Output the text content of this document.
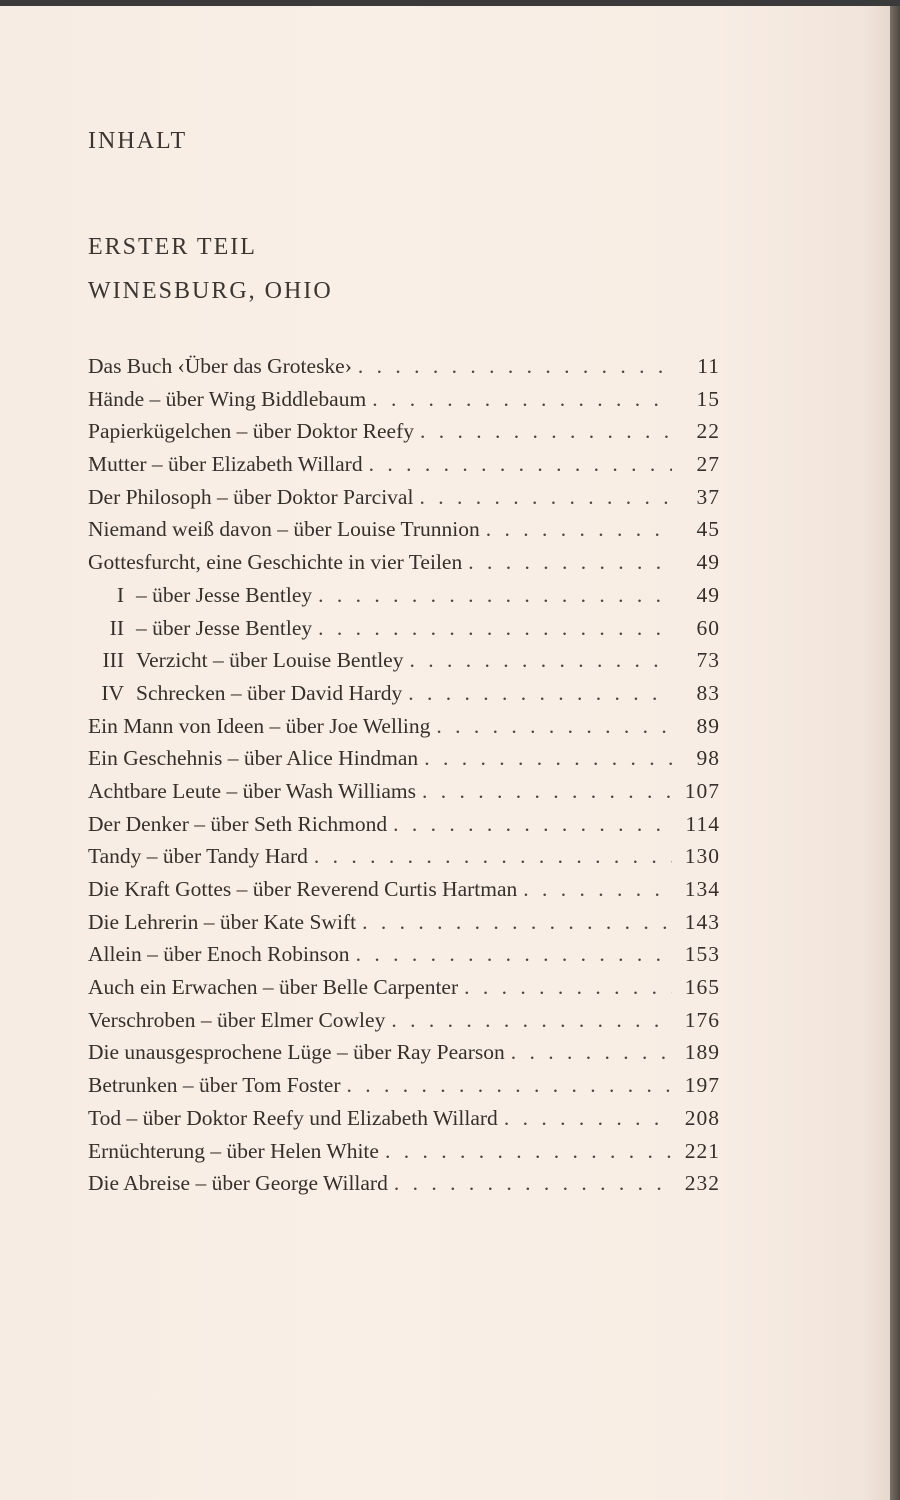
INHALT
ERSTER TEIL
WINESBURG, OHIO
Das Buch ‹Über das Groteske› . . .	11
Hände – über Wing Biddlebaum . . .	15
Papierkügelchen – über Doktor Reefy . . .	22
Mutter – über Elizabeth Willard . . .	27
Der Philosoph – über Doktor Parcival . . .	37
Niemand weiß davon – über Louise Trunnion . . .	45
Gottesfurcht, eine Geschichte in vier Teilen . . .	49
I – über Jesse Bentley . . .	49
II – über Jesse Bentley . . .	60
III Verzicht – über Louise Bentley . . .	73
IV Schrecken – über David Hardy . . .	83
Ein Mann von Ideen – über Joe Welling . . .	89
Ein Geschehnis – über Alice Hindman . . .	98
Achtbare Leute – über Wash Williams . . .	107
Der Denker – über Seth Richmond . . .	114
Tandy – über Tandy Hard . . .	130
Die Kraft Gottes – über Reverend Curtis Hartman . . .	134
Die Lehrerin – über Kate Swift . . .	143
Allein – über Enoch Robinson . . .	153
Auch ein Erwachen – über Belle Carpenter . . .	165
Verschroben – über Elmer Cowley . . .	176
Die unausgesprochene Lüge – über Ray Pearson . . .	189
Betrunken – über Tom Foster . . .	197
Tod – über Doktor Reefy und Elizabeth Willard . . .	208
Ernüchterung – über Helen White . . .	221
Die Abreise – über George Willard . . .	232
